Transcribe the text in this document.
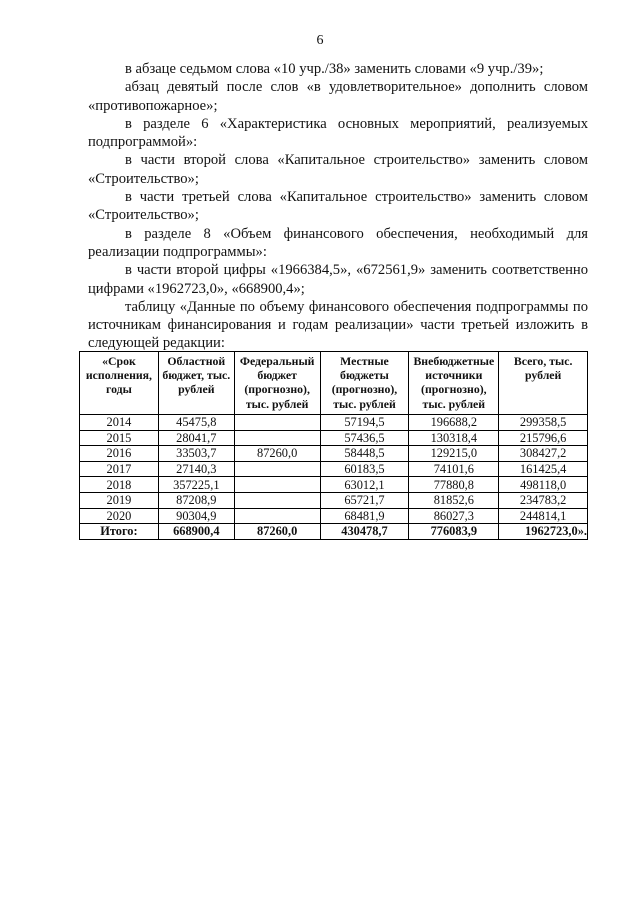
6

в абзаце седьмом слова «10 учр./38» заменить словами «9 учр./39»;

абзац девятый после слов «в удовлетворительное» дополнить словом «противопожарное»;

в разделе 6 «Характеристика основных мероприятий, реализуемых подпрограммой»:

в части второй слова «Капитальное строительство» заменить словом «Строительство»;

в части третьей слова «Капитальное строительство» заменить словом «Строительство»;

в разделе 8 «Объем финансового обеспечения, необходимый для реализации подпрограммы»:

в части второй цифры «1966384,5», «672561,9» заменить соответственно цифрами «1962723,0», «668900,4»;

таблицу «Данные по объему финансового обеспечения подпрограммы по источникам финансирования и годам реализации» части третьей изложить в следующей редакции:

«Срок исполнения, годы	Областной бюджет, тыс. рублей	Федеральный бюджет (прогнозно), тыс. рублей	Местные бюджеты (прогнозно), тыс. рублей	Внебюджетные источники (прогнозно), тыс. рублей	Всего, тыс. рублей
2014	45475,8		57194,5	196688,2	299358,5
2015	28041,7		57436,5	130318,4	215796,6
2016	33503,7	87260,0	58448,5	129215,0	308427,2
2017	27140,3		60183,5	74101,6	161425,4
2018	357225,1		63012,1	77880,8	498118,0
2019	87208,9		65721,7	81852,6	234783,2
2020	90304,9		68481,9	86027,3	244814,1
Итого:	668900,4	87260,0	430478,7	776083,9	1962723,0».
